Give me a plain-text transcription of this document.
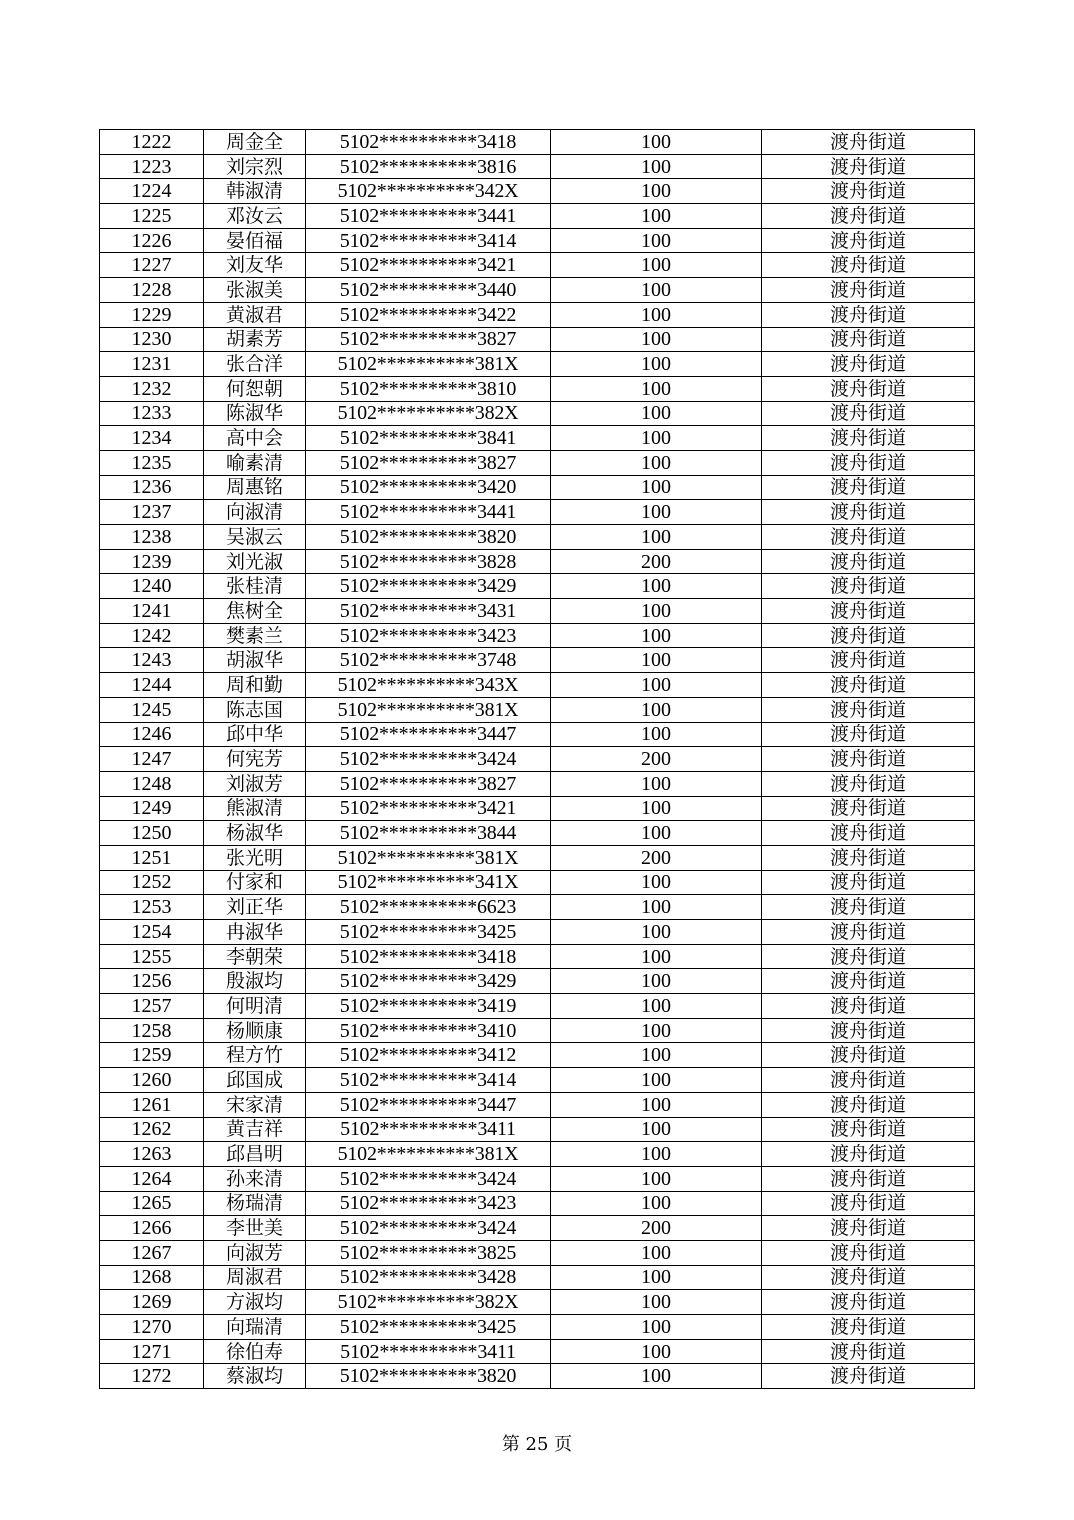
1222	周金全	5102**********3418	100	渡舟街道
1223	刘宗烈	5102**********3816	100	渡舟街道
1224	韩淑清	5102**********342X	100	渡舟街道
1225	邓汝云	5102**********3441	100	渡舟街道
1226	晏佰福	5102**********3414	100	渡舟街道
1227	刘友华	5102**********3421	100	渡舟街道
1228	张淑美	5102**********3440	100	渡舟街道
1229	黄淑君	5102**********3422	100	渡舟街道
1230	胡素芳	5102**********3827	100	渡舟街道
1231	张合洋	5102**********381X	100	渡舟街道
1232	何恕朝	5102**********3810	100	渡舟街道
1233	陈淑华	5102**********382X	100	渡舟街道
1234	高中会	5102**********3841	100	渡舟街道
1235	喻素清	5102**********3827	100	渡舟街道
1236	周惠铭	5102**********3420	100	渡舟街道
1237	向淑清	5102**********3441	100	渡舟街道
1238	吴淑云	5102**********3820	100	渡舟街道
1239	刘光淑	5102**********3828	200	渡舟街道
1240	张桂清	5102**********3429	100	渡舟街道
1241	焦树全	5102**********3431	100	渡舟街道
1242	樊素兰	5102**********3423	100	渡舟街道
1243	胡淑华	5102**********3748	100	渡舟街道
1244	周和勤	5102**********343X	100	渡舟街道
1245	陈志国	5102**********381X	100	渡舟街道
1246	邱中华	5102**********3447	100	渡舟街道
1247	何宪芳	5102**********3424	200	渡舟街道
1248	刘淑芳	5102**********3827	100	渡舟街道
1249	熊淑清	5102**********3421	100	渡舟街道
1250	杨淑华	5102**********3844	100	渡舟街道
1251	张光明	5102**********381X	200	渡舟街道
1252	付家和	5102**********341X	100	渡舟街道
1253	刘正华	5102**********6623	100	渡舟街道
1254	冉淑华	5102**********3425	100	渡舟街道
1255	李朝荣	5102**********3418	100	渡舟街道
1256	殷淑均	5102**********3429	100	渡舟街道
1257	何明清	5102**********3419	100	渡舟街道
1258	杨顺康	5102**********3410	100	渡舟街道
1259	程方竹	5102**********3412	100	渡舟街道
1260	邱国成	5102**********3414	100	渡舟街道
1261	宋家清	5102**********3447	100	渡舟街道
1262	黄吉祥	5102**********3411	100	渡舟街道
1263	邱昌明	5102**********381X	100	渡舟街道
1264	孙来清	5102**********3424	100	渡舟街道
1265	杨瑞清	5102**********3423	100	渡舟街道
1266	李世美	5102**********3424	200	渡舟街道
1267	向淑芳	5102**********3825	100	渡舟街道
1268	周淑君	5102**********3428	100	渡舟街道
1269	方淑均	5102**********382X	100	渡舟街道
1270	向瑞清	5102**********3425	100	渡舟街道
1271	徐伯寿	5102**********3411	100	渡舟街道
1272	蔡淑均	5102**********3820	100	渡舟街道
第 25 页
